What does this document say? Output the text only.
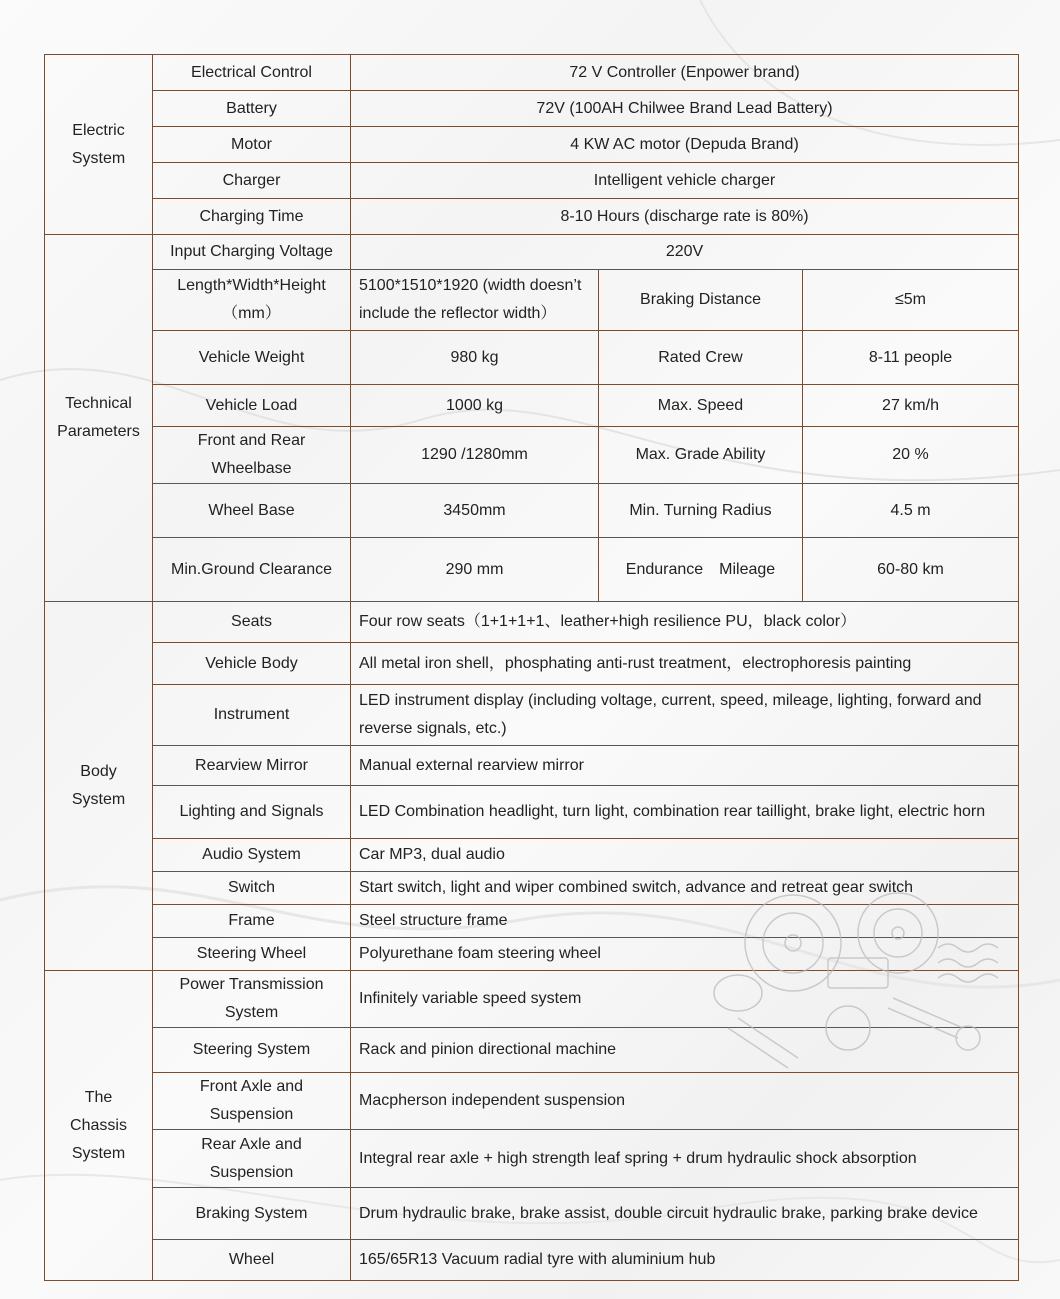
Electric System	Electrical Control	72 V Controller (Enpower brand)		
	Battery	72V (100AH Chilwee Brand Lead Battery)		
	Motor	4 KW AC motor (Depuda Brand)		
	Charger	Intelligent vehicle charger		
	Charging Time	8-10 Hours (discharge rate is 80%)		
Technical Parameters	Input Charging Voltage	220V		
	Length*Width*Height（mm）	5100*1510*1920 (width doesn’t include the reflector width）	Braking Distance	≤5m
	Vehicle Weight	980 kg	Rated Crew	8-11 people
	Vehicle Load	1000 kg	Max. Speed	27 km/h
	Front and Rear Wheelbase	1290 /1280mm	Max. Grade Ability	20 %
	Wheel Base	3450mm	Min. Turning Radius	4.5 m
	Min.Ground Clearance	290 mm	Endurance　Mileage	60-80 km
Body System	Seats	Four row seats（1+1+1+1、leather+high resilience PU，black color）		
	Vehicle Body	All metal iron shell，phosphating anti-rust treatment，electrophoresis painting		
	Instrument	LED instrument display (including voltage, current, speed, mileage, lighting, forward and reverse signals, etc.)		
	Rearview Mirror	Manual external rearview mirror		
	Lighting and Signals	LED Combination headlight, turn light, combination rear taillight, brake light, electric horn		
	Audio System	Car MP3, dual audio		
	Switch	Start switch, light and wiper combined switch, advance and retreat gear switch		
	Frame	Steel structure frame		
	Steering Wheel	Polyurethane foam steering wheel		
The Chassis System	Power Transmission System	Infinitely variable speed system		
	Steering System	Rack and pinion directional machine		
	Front Axle and Suspension	Macpherson independent suspension		
	Rear Axle and Suspension	Integral rear axle + high strength leaf spring + drum hydraulic shock absorption		
	Braking System	Drum hydraulic brake, brake assist, double circuit hydraulic brake, parking brake device		
	Wheel	165/65R13 Vacuum radial tyre with aluminium hub		
